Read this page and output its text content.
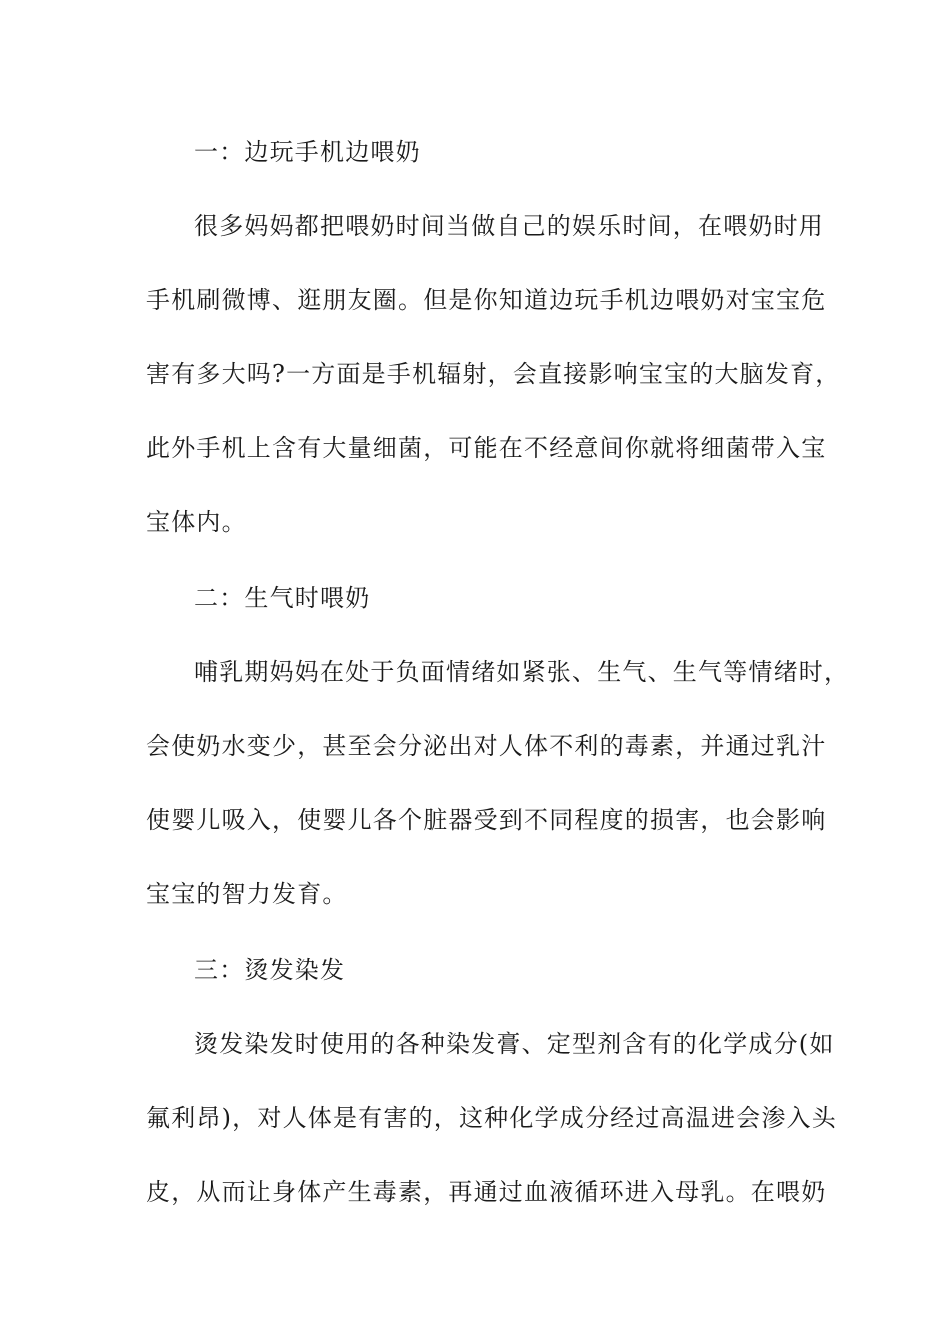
一：边玩手机边喂奶
很多妈妈都把喂奶时间当做自己的娱乐时间，在喂奶时用
手机刷微博、逛朋友圈。但是你知道边玩手机边喂奶对宝宝危
害有多大吗?一方面是手机辐射，会直接影响宝宝的大脑发育，
此外手机上含有大量细菌，可能在不经意间你就将细菌带入宝
宝体内。
二：生气时喂奶
哺乳期妈妈在处于负面情绪如紧张、生气、生气等情绪时，
会使奶水变少，甚至会分泌出对人体不利的毒素，并通过乳汁
使婴儿吸入，使婴儿各个脏器受到不同程度的损害，也会影响
宝宝的智力发育。
三：烫发染发
烫发染发时使用的各种染发膏、定型剂含有的化学成分(如
氟利昂)，对人体是有害的，这种化学成分经过高温进会渗入头
皮，从而让身体产生毒素，再通过血液循环进入母乳。在喂奶
